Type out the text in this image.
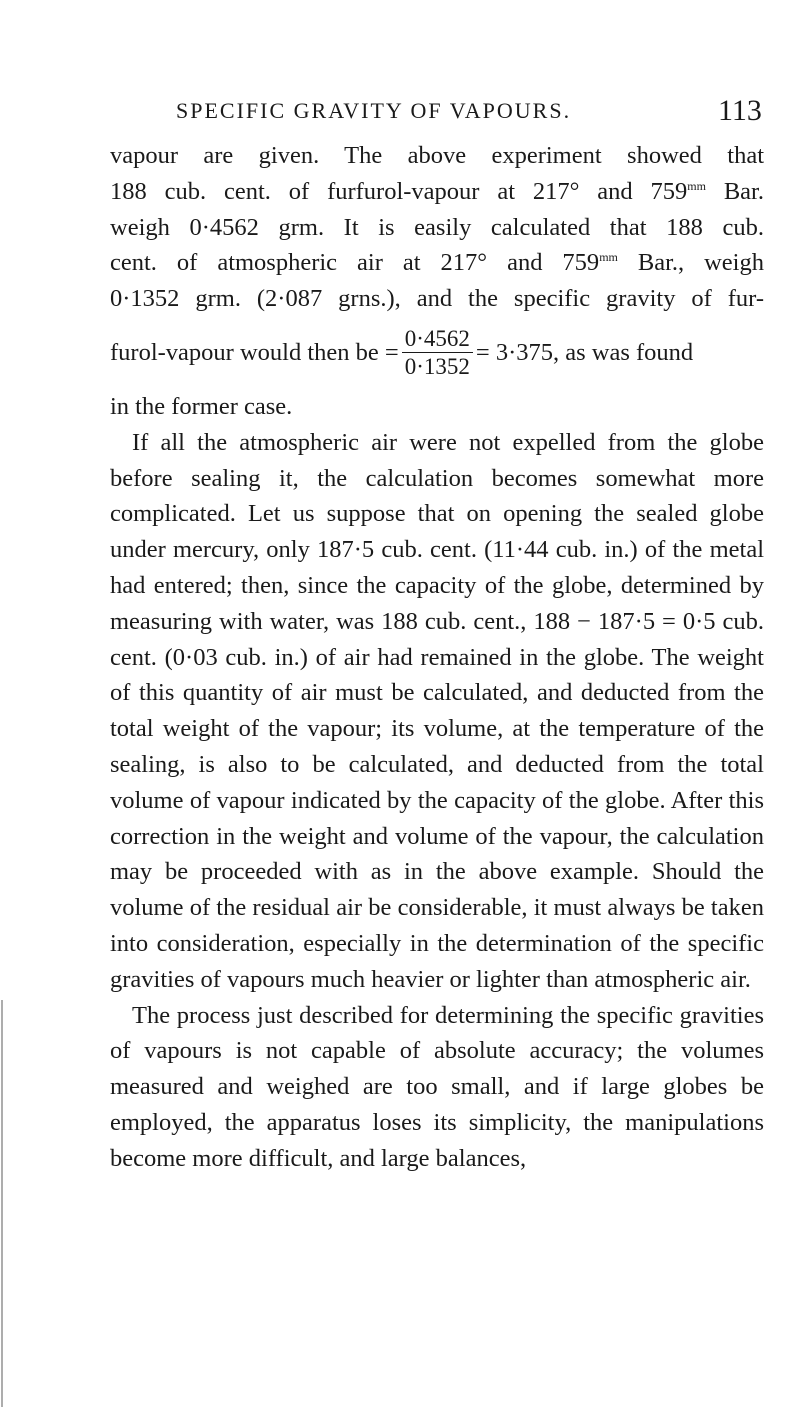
SPECIFIC GRAVITY OF VAPOURS.	113

vapour are given. The above experiment showed that

188 cub. cent. of furfurol-vapour at 217° and $759^{mm}$ Bar.

weigh 0·4562 grm. It is easily calculated that 188 cub.

cent. of atmospheric air at 217° and $759^{mm}$ Bar., weigh

0·1352 grm. (2·087 grns.), and the specific gravity of fur-

furol-vapour would then be = $\frac{0\cdot 4562}{0\cdot 1352} = 3\cdot 375$, as was found

in the former case.

If all the atmospheric air were not expelled from the globe before sealing it, the calculation becomes somewhat more complicated. Let us suppose that on opening the sealed globe under mercury, only 187·5 cub. cent. (11·44 cub. in.) of the metal had entered; then, since the capacity of the globe, determined by measuring with water, was 188 cub. cent., 188 − 187·5 = 0·5 cub. cent. (0·03 cub. in.) of air had remained in the globe. The weight of this quantity of air must be calculated, and deducted from the total weight of the vapour; its volume, at the temperature of the sealing, is also to be calculated, and deducted from the total volume of vapour indicated by the capacity of the globe. After this correction in the weight and volume of the vapour, the calculation may be proceeded with as in the above example. Should the volume of the residual air be considerable, it must always be taken into consideration, especially in the determination of the specific gravities of vapours much heavier or lighter than atmospheric air.

The process just described for determining the specific gravities of vapours is not capable of absolute accuracy; the volumes measured and weighed are too small, and if large globes be employed, the apparatus loses its simplicity, the manipulations become more difficult, and large balances,
